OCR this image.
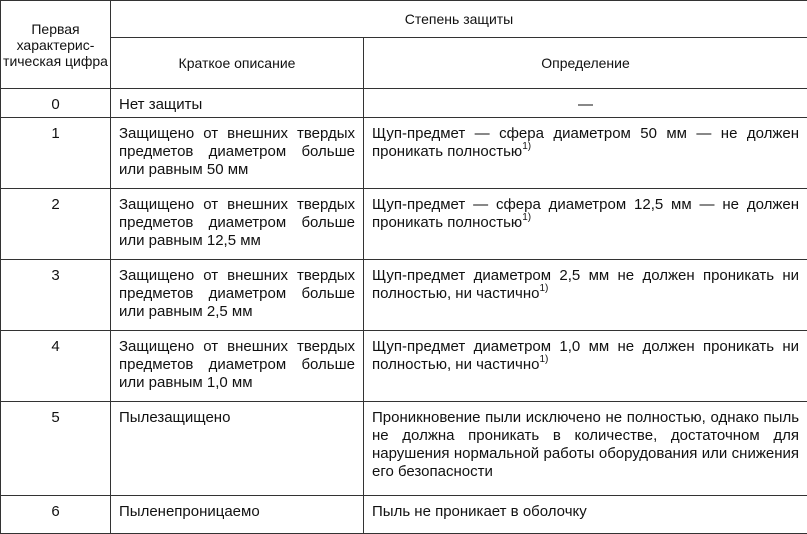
Первая характерис-тическая цифра	Степень защиты	
	Краткое описание	Определение
0	Нет защиты	—
1	Защищено от внешних твердых предметов диаметром больше или равным 50 мм	Щуп-предмет — сфера диаметром 50 мм — не должен проникать полностью$^{1)}$
2	Защищено от внешних твердых предметов диаметром больше или равным 12,5 мм	Щуп-предмет — сфера диаметром 12,5 мм — не должен проникать полностью$^{1)}$
3	Защищено от внешних твердых предметов диаметром больше или равным 2,5 мм	Щуп-предмет диаметром 2,5 мм не должен проникать ни полностью, ни частично$^{1)}$
4	Защищено от внешних твердых предметов диаметром больше или равным 1,0 мм	Щуп-предмет диаметром 1,0 мм не должен проникать ни полностью, ни частично$^{1)}$
5	Пылезащищено	Проникновение пыли исключено не полностью, однако пыль не должна проникать в количестве, достаточном для нарушения нормальной работы оборудования или снижения его безопасности
6	Пыленепроницаемо	Пыль не проникает в оболочку
